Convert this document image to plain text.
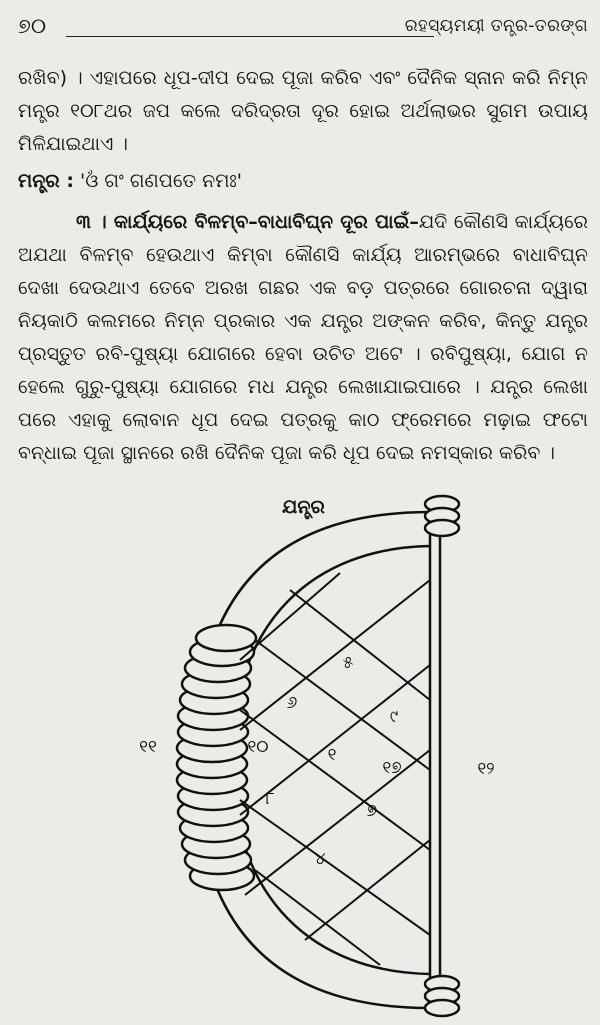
୭୦	ରହସ୍ୟମୟୀ ତନ୍ତ୍ର-ତରଙ୍ଗ

ରଖିବ) । ଏହାପରେ ଧୂପ-ଦୀପ ଦେଇ ପୂଜା କରିବ ଏବଂ ଦୈନିକ ସ୍ନାନ କରି ନିମ୍ନ ମନ୍ତ୍ର ୧୦୮ଥର ଜପ କଲେ ଦରିଦ୍ରତା ଦୂର ହୋଇ ଅର୍ଥଲାଭର ସୁଗମ ଉପାୟ ମିଳିଯାଇଥାଏ ।

ମନ୍ତ୍ର : 'ଓଁ ଗଂ ଗଣପତେ ନମଃ'

୩ । କାର୍ଯ୍ୟରେ ବିଳମ୍ବ–ବାଧାବିଘ୍ନ ଦୂର ପାଇଁ–ଯଦି କୌଣସି କାର୍ଯ୍ୟରେ ଅଯଥା ବିଳମ୍ବ ହେଉଥାଏ କିମ୍ବା କୌଣସି କାର୍ଯ୍ୟ ଆରମ୍ଭରେ ବାଧାବିଘ୍ନ ଦେଖା ଦେଉଥାଏ ତେବେ ଅରଖ ଗଛର ଏକ ବଡ଼ ପତ୍ରରେ ଗୋରଚନା ଦ୍ୱାରା ନିୟକାଠି କଲମରେ ନିମ୍ନ ପ୍ରକାର ଏକ ଯନ୍ତ୍ର ଅଙ୍କନ କରିବ, କିନ୍ତୁ ଯନ୍ତ୍ର ପ୍ରସ୍ତୁତ ରବି-ପୁଷ୍ୟା ଯୋଗରେ ହେବା ଉଚିତ ଅଟେ । ରବିପୁଷ୍ୟା, ଯୋଗ ନ ହେଲେ ଗୁରୁ-ପୁଷ୍ୟା ଯୋଗରେ ମଧ ଯନ୍ତ୍ର ଲେଖାଯାଇପାରେ । ଯନ୍ତ୍ର ଲେଖା ପରେ ଏହାକୁ ଲୋବାନ ଧୂପ ଦେଇ ପତ୍ରକୁ କାଠ ଫ୍ରେମରେ ମଢ଼ାଇ ଫଟୋ ବନ୍ଧାଇ ପୂଜା ସ୍ଥାନରେ ରଖି ଦୈନିକ ପୂଜା କରି ଧୂପ ଦେଇ ନମସ୍କାର କରିବ ।

ଯନ୍ତ୍ର
୫
୬
୯
୧୦	୧
୧୭
୮
୭
୪
୧୧
୧୨
